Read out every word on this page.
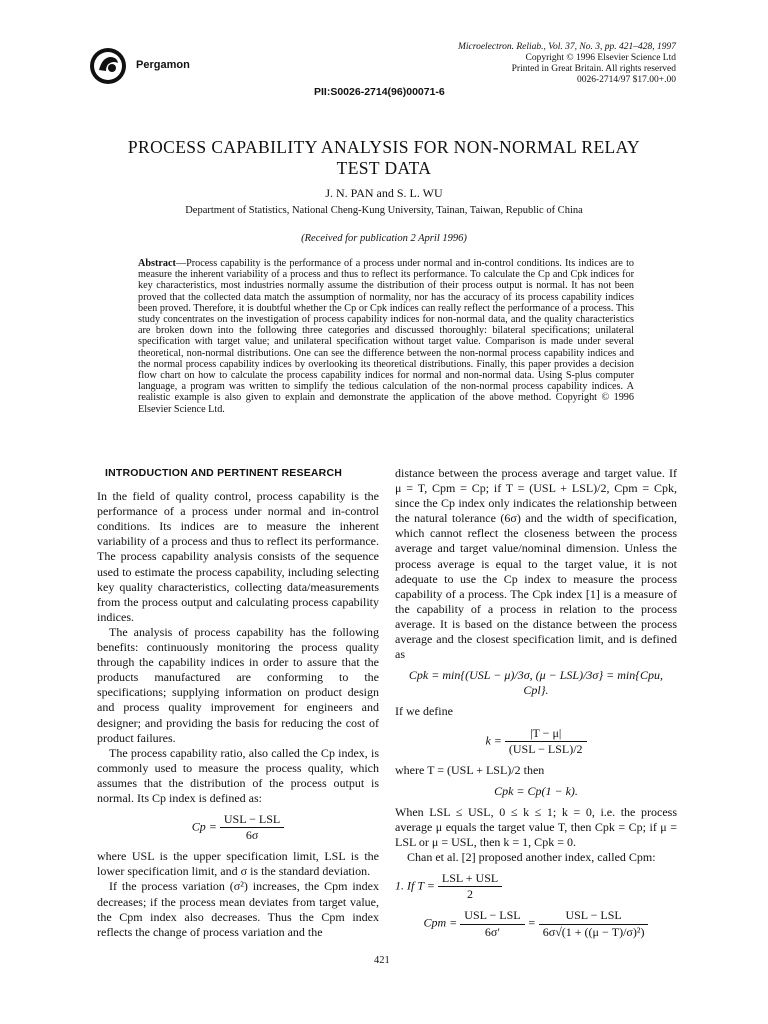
Pergamon
Microelectron. Reliab., Vol. 37, No. 3, pp. 421–428, 1997
Copyright © 1996 Elsevier Science Ltd
Printed in Great Britain. All rights reserved
0026-2714/97 $17.00+.00
PII:S0026-2714(96)00071-6
PROCESS CAPABILITY ANALYSIS FOR NON-NORMAL RELAY
TEST DATA
J. N. PAN and S. L. WU
Department of Statistics, National Cheng-Kung University, Tainan, Taiwan, Republic of China
(Received for publication 2 April 1996)
Abstract—Process capability is the performance of a process under normal and in-control conditions. Its indices are to measure the inherent variability of a process and thus to reflect its performance. To calculate the Cp and Cpk indices for key characteristics, most industries normally assume the distribution of their process output is normal. It has not been proved that the collected data match the assumption of normality, nor has the accuracy of its process capability indices been proved. Therefore, it is doubtful whether the Cp or Cpk indices can really reflect the performance of a process. This study concentrates on the investigation of process capability indices for non-normal data, and the quality characteristics are broken down into the following three categories and discussed thoroughly: bilateral specifications; unilateral specification with target value; and unilateral specification without target value. Comparison is made under several theoretical, non-normal distributions. One can see the difference between the non-normal process capability indices and the normal process capability indices by overlooking its theoretical distributions. Finally, this paper provides a decision flow chart on how to calculate the process capability indices for normal and non-normal data. Using S-plus computer language, a program was written to simplify the tedious calculation of the non-normal process capability indices. A realistic example is also given to explain and demonstrate the application of the above method. Copyright © 1996 Elsevier Science Ltd.
INTRODUCTION AND PERTINENT RESEARCH

In the field of quality control, process capability is the performance of a process under normal and in-control conditions. Its indices are to measure the inherent variability of a process and thus to reflect its performance. The process capability analysis consists of the sequence used to estimate the process capability, including selecting key quality characteristics, collecting data/measurements from the process output and calculating process capability indices.

The analysis of process capability has the following benefits: continuously monitoring the process quality through the capability indices in order to assure that the products manufactured are conforming to the specifications; supplying information on product design and process quality improvement for engineers and designer; and providing the basis for reducing the cost of product failures.

The process capability ratio, also called the Cp index, is commonly used to measure the process quality, which assumes that the distribution of the process output is normal. Its Cp index is defined as:

$Cp = \frac{\text{USL − LSL}}{6\sigma}$

where USL is the upper specification limit, LSL is the lower specification limit, and σ is the standard deviation.

If the process variation (σ²) increases, the Cpm index decreases; if the process mean deviates from target value, the Cpm index also decreases. Thus the Cpm index reflects the change of process variation and the

distance between the process average and target value. If μ = T, Cpm = Cp; if T = (USL + LSL)/2, Cpm = Cpk, since the Cp index only indicates the relationship between the natural tolerance (6σ) and the width of specification, which cannot reflect the closeness between the process average and target value/nominal dimension. Unless the process average is equal to the target value, it is not adequate to use the Cp index to measure the process capability of a process. The Cpk index [1] is a measure of the capability of a process in relation to the process average. It is based on the distance between the process average and the closest specification limit, and is defined as

Cpk = min{(USL − μ)/3σ, (μ − LSL)/3σ} = min{Cpu, Cpl}.

If we define

$k = \frac{|T - \mu|}{\text{(USL − LSL)/2}}$

where T = (USL + LSL)/2 then

Cpk = Cp(1 − k).

When LSL ≤ USL, 0 ≤ k ≤ 1; k = 0, i.e. the process average μ equals the target value T, then Cpk = Cp; if μ = LSL or μ = USL, then k = 1, Cpk = 0.

Chan et al. [2] proposed another index, called Cpm:

1. If $T = \frac{\text{LSL + USL}}{2}$
Cpm = $\frac{\text{USL − LSL}}{6\sigma'} = \frac{\text{USL − LSL}}{\text{6σ√(1 + ((μ − T)/σ)²)}}$
421
